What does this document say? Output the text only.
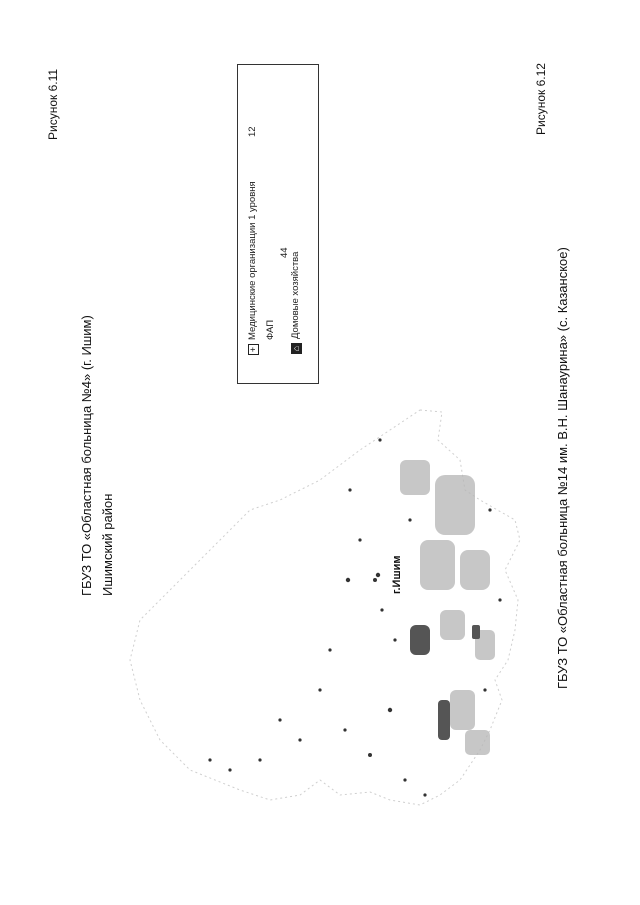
Рисунок 6.11
ГБУЗ ТО «Областная больница №4» (г. Ишим) Ишимский район
+Медицинские организации 1 уровня
12
ФАП
44
⌂Домовые хозяйства
г.Ишим
Рисунок 6.12
ГБУЗ ТО «Областная больница №14 им. В.Н. Шанаурина» (с. Казанское)
